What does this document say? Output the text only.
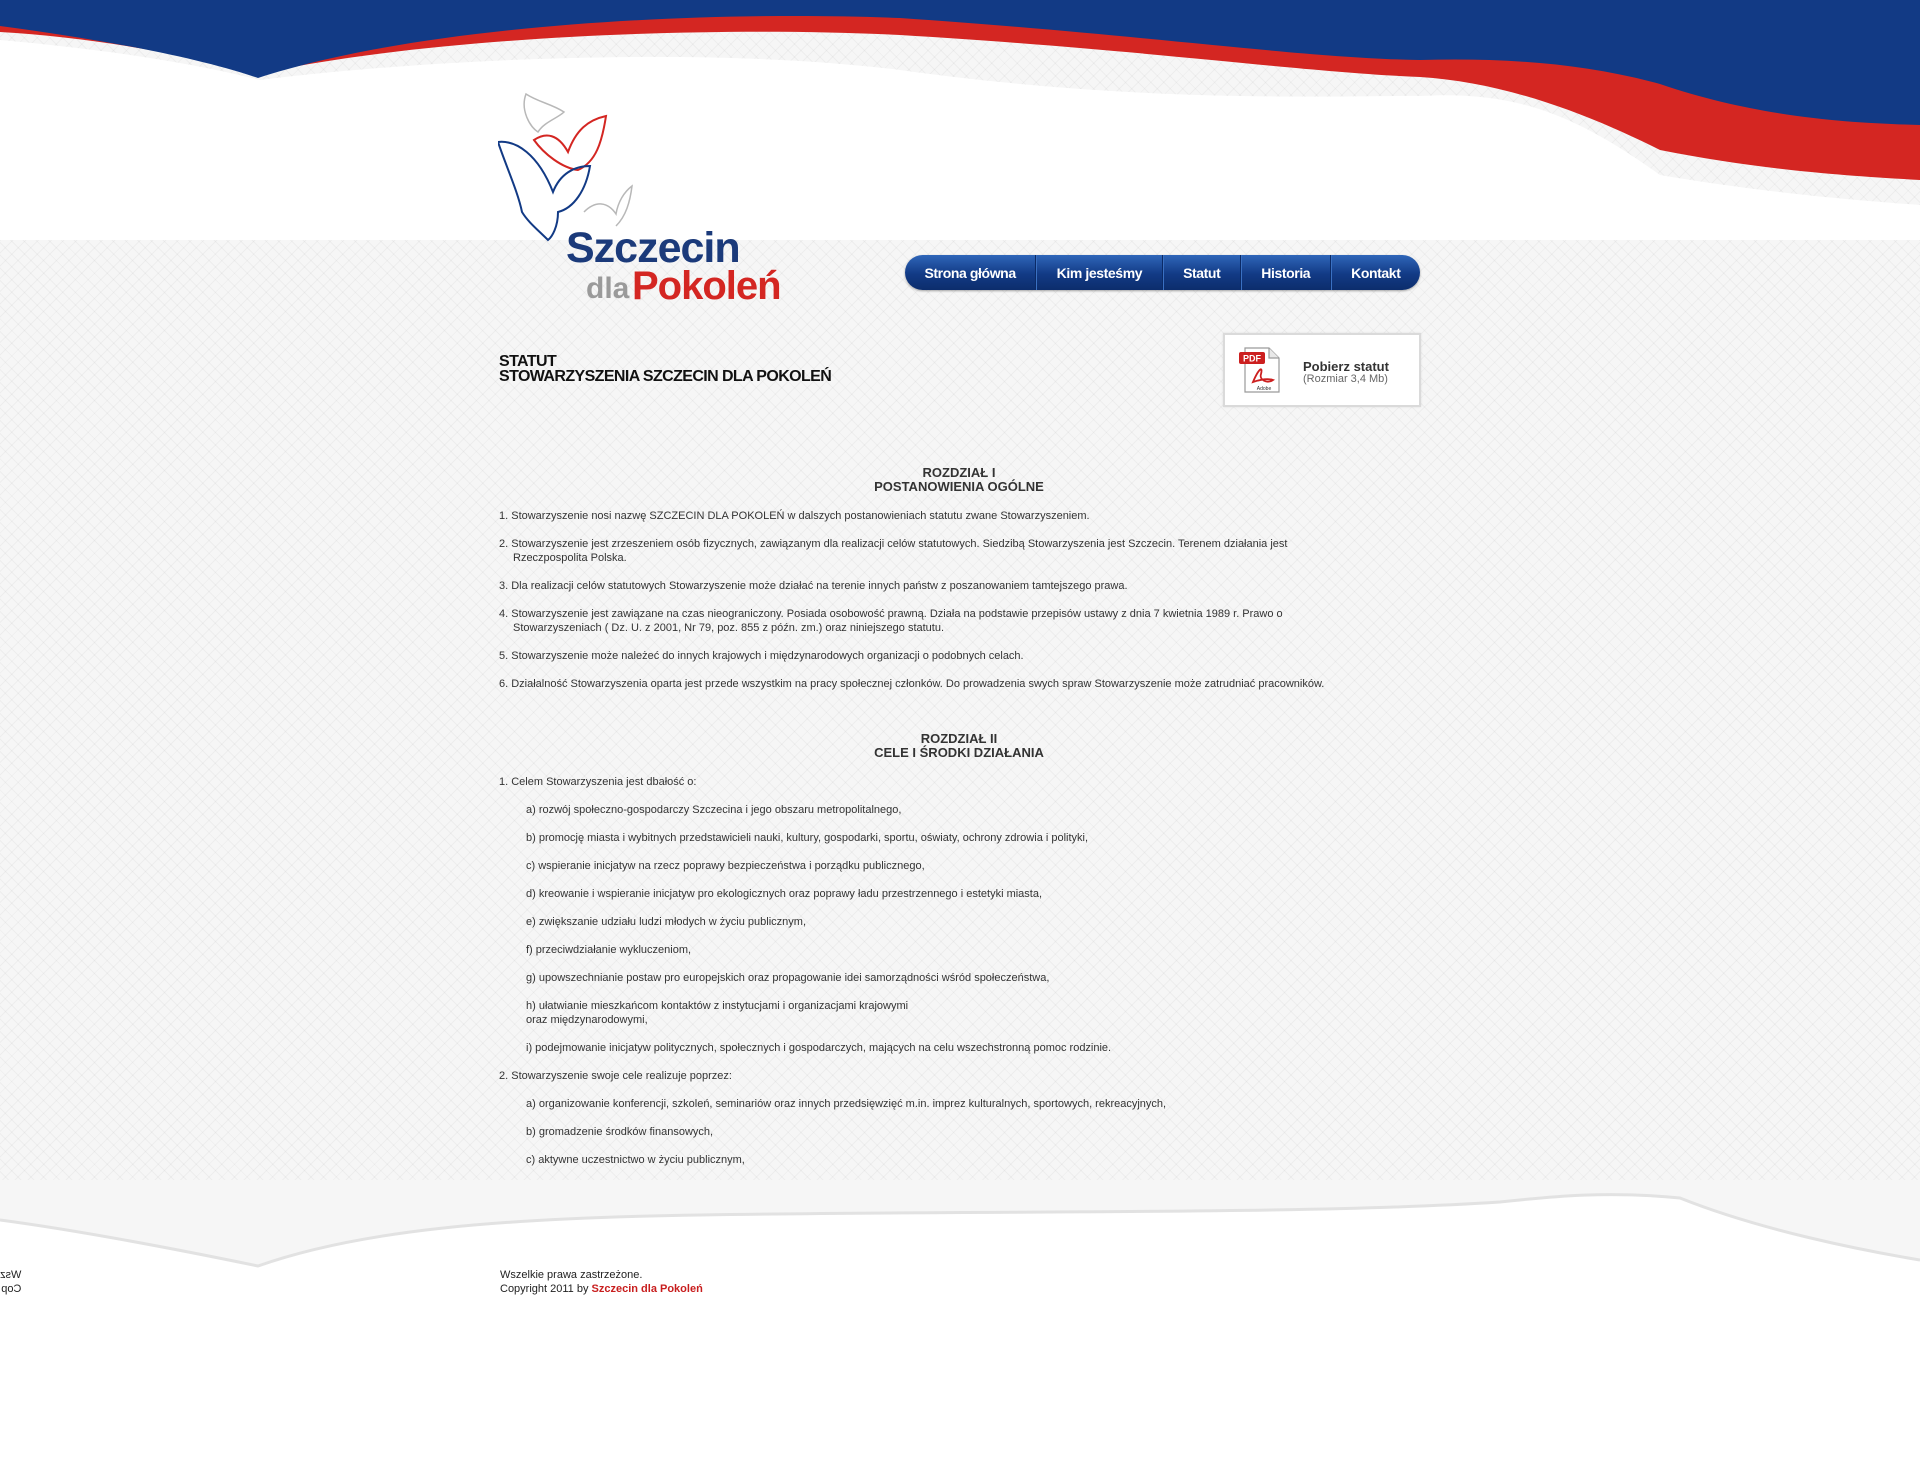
Szczecin
dla Pokoleń	Strona główna	Kim jesteśmy	Statut	Historia	Kontakt
STATUT
STOWARZYSZENIA SZCZECIN DLA POKOLEŃ
PDF
Adobe
Pobierz statut
(Rozmiar 3,4 Mb)
ROZDZIAŁ I
POSTANOWIENIA OGÓLNE
1. Stowarzyszenie nosi nazwę SZCZECIN DLA POKOLEŃ w dalszych postanowieniach statutu zwane Stowarzyszeniem.
2. Stowarzyszenie jest zrzeszeniem osób fizycznych, zawiązanym dla realizacji celów statutowych. Siedzibą Stowarzyszenia jest Szczecin. Terenem działania jest
Rzeczpospolita Polska.
3. Dla realizacji celów statutowych Stowarzyszenie może działać na terenie innych państw z poszanowaniem tamtejszego prawa.
4. Stowarzyszenie jest zawiązane na czas nieograniczony. Posiada osobowość prawną. Działa na podstawie przepisów ustawy z dnia 7 kwietnia 1989 r. Prawo o
Stowarzyszeniach ( Dz. U. z 2001, Nr 79, poz. 855 z późn. zm.) oraz niniejszego statutu.
5. Stowarzyszenie może należeć do innych krajowych i międzynarodowych organizacji o podobnych celach.
6. Działalność Stowarzyszenia oparta jest przede wszystkim na pracy społecznej członków. Do prowadzenia swych spraw Stowarzyszenie może zatrudniać pracowników.
ROZDZIAŁ II
CELE I ŚRODKI DZIAŁANIA
1. Celem Stowarzyszenia jest dbałość o:
a) rozwój społeczno-gospodarczy Szczecina i jego obszaru metropolitalnego,
b) promocję miasta i wybitnych przedstawicieli nauki, kultury, gospodarki, sportu, oświaty, ochrony zdrowia i polityki,
c) wspieranie inicjatyw na rzecz poprawy bezpieczeństwa i porządku publicznego,
d) kreowanie i wspieranie inicjatyw pro ekologicznych oraz poprawy ładu przestrzennego i estetyki miasta,
e) zwiększanie udziału ludzi młodych w życiu publicznym,
f) przeciwdziałanie wykluczeniom,
g) upowszechnianie postaw pro europejskich oraz propagowanie idei samorządności wśród społeczeństwa,
h) ułatwianie mieszkańcom kontaktów z instytucjami i organizacjami krajowymi
oraz międzynarodowymi,
i) podejmowanie inicjatyw politycznych, społecznych i gospodarczych, mających na celu wszechstronną pomoc rodzinie.
2. Stowarzyszenie swoje cele realizuje poprzez:
a) organizowanie konferencji, szkoleń, seminariów oraz innych przedsięwzięć m.in. imprez kulturalnych, sportowych, rekreacyjnych,
b) gromadzenie środków finansowych,
c) aktywne uczestnictwo w życiu publicznym,
Wszelkie prawa zastrzeżone.
Copyright 2011 by Szczecin dla Pokoleń
Wsz
Cop
